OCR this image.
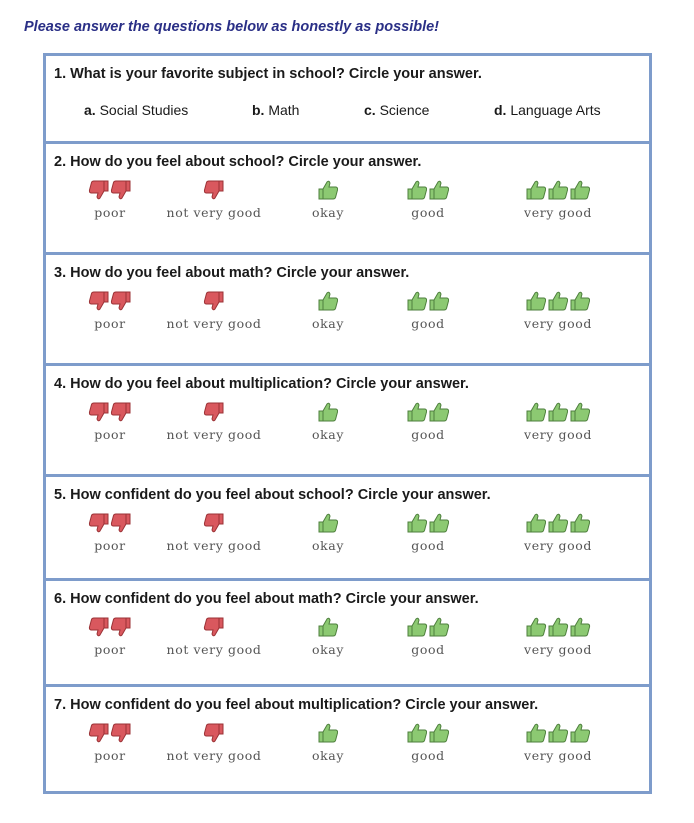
Please answer the questions below as honestly as possible!
1. What is your favorite subject in school? Circle your answer.
a. Social Studies	b. Math	c. Science	d. Language Arts
2. How do you feel about school? Circle your answer.
poor	not very good	okay	good	very good
3. How do you feel about math? Circle your answer.
poor	not very good	okay	good	very good
4. How do you feel about multiplication? Circle your answer.
poor	not very good	okay	good	very good
5. How confident do you feel about school? Circle your answer.
poor	not very good	okay	good	very good
6. How confident do you feel about math? Circle your answer.
poor	not very good	okay	good	very good
7. How confident do you feel about multiplication? Circle your answer.
poor	not very good	okay	good	very good
